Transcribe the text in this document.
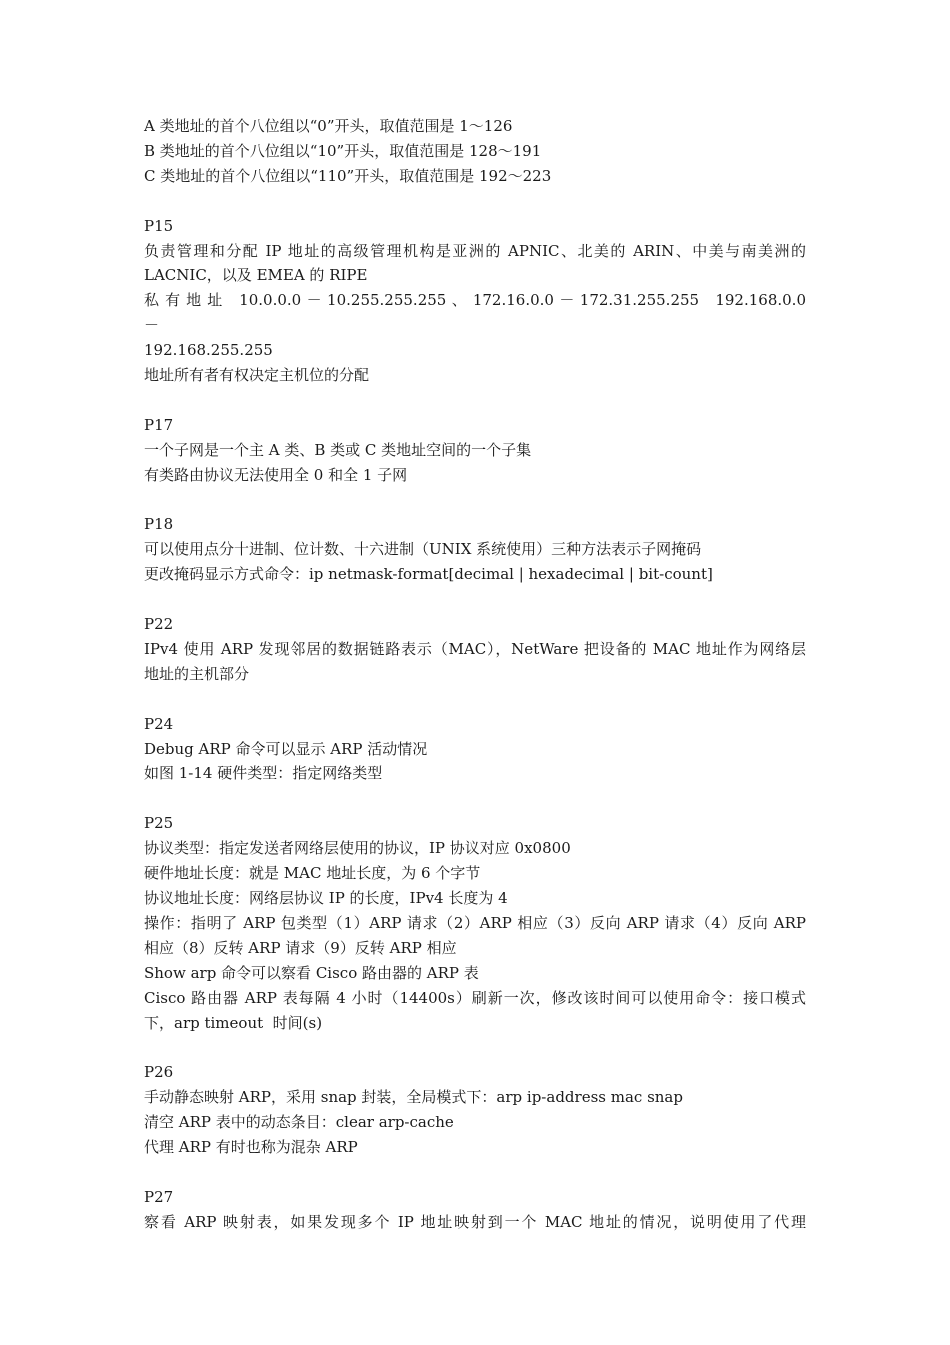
A 类地址的首个八位组以“0”开头，取值范围是 1～126
B 类地址的首个八位组以“10”开头，取值范围是 128～191
C 类地址的首个八位组以“110”开头，取值范围是 192～223
P15
负责管理和分配 IP 地址的高级管理机构是亚洲的 APNIC、北美的 ARIN、中美与南美洲的
LACNIC，以及 EMEA 的 RIPE
私 有 地 址   10.0.0.0 － 10.255.255.255 、 172.16.0.0 － 172.31.255.255   192.168.0.0 －
192.168.255.255
地址所有者有权决定主机位的分配
P17
一个子网是一个主 A 类、B 类或 C 类地址空间的一个子集
有类路由协议无法使用全 0 和全 1 子网
P18
可以使用点分十进制、位计数、十六进制（UNIX 系统使用）三种方法表示子网掩码
更改掩码显示方式命令：ip netmask-format[decimal | hexadecimal | bit-count]
P22
IPv4 使用 ARP 发现邻居的数据链路表示（MAC），NetWare 把设备的 MAC 地址作为网络层
地址的主机部分
P24
Debug ARP 命令可以显示 ARP 活动情况
如图 1-14 硬件类型：指定网络类型
P25
协议类型：指定发送者网络层使用的协议，IP 协议对应 0x0800
硬件地址长度：就是 MAC 地址长度，为 6 个字节
协议地址长度：网络层协议 IP 的长度，IPv4 长度为 4
操作：指明了 ARP 包类型（1）ARP 请求（2）ARP 相应（3）反向 ARP 请求（4）反向 ARP
相应（8）反转 ARP 请求（9）反转 ARP 相应
Show arp 命令可以察看 Cisco 路由器的 ARP 表
Cisco 路由器 ARP 表每隔 4 小时（14400s）刷新一次，修改该时间可以使用命令：接口模式
下，arp timeout  时间(s)
P26
手动静态映射 ARP，采用 snap 封装，全局模式下：arp ip-address mac snap
清空 ARP 表中的动态条目：clear arp-cache
代理 ARP 有时也称为混杂 ARP
P27
察看 ARP 映射表，如果发现多个 IP 地址映射到一个 MAC 地址的情况，说明使用了代理
